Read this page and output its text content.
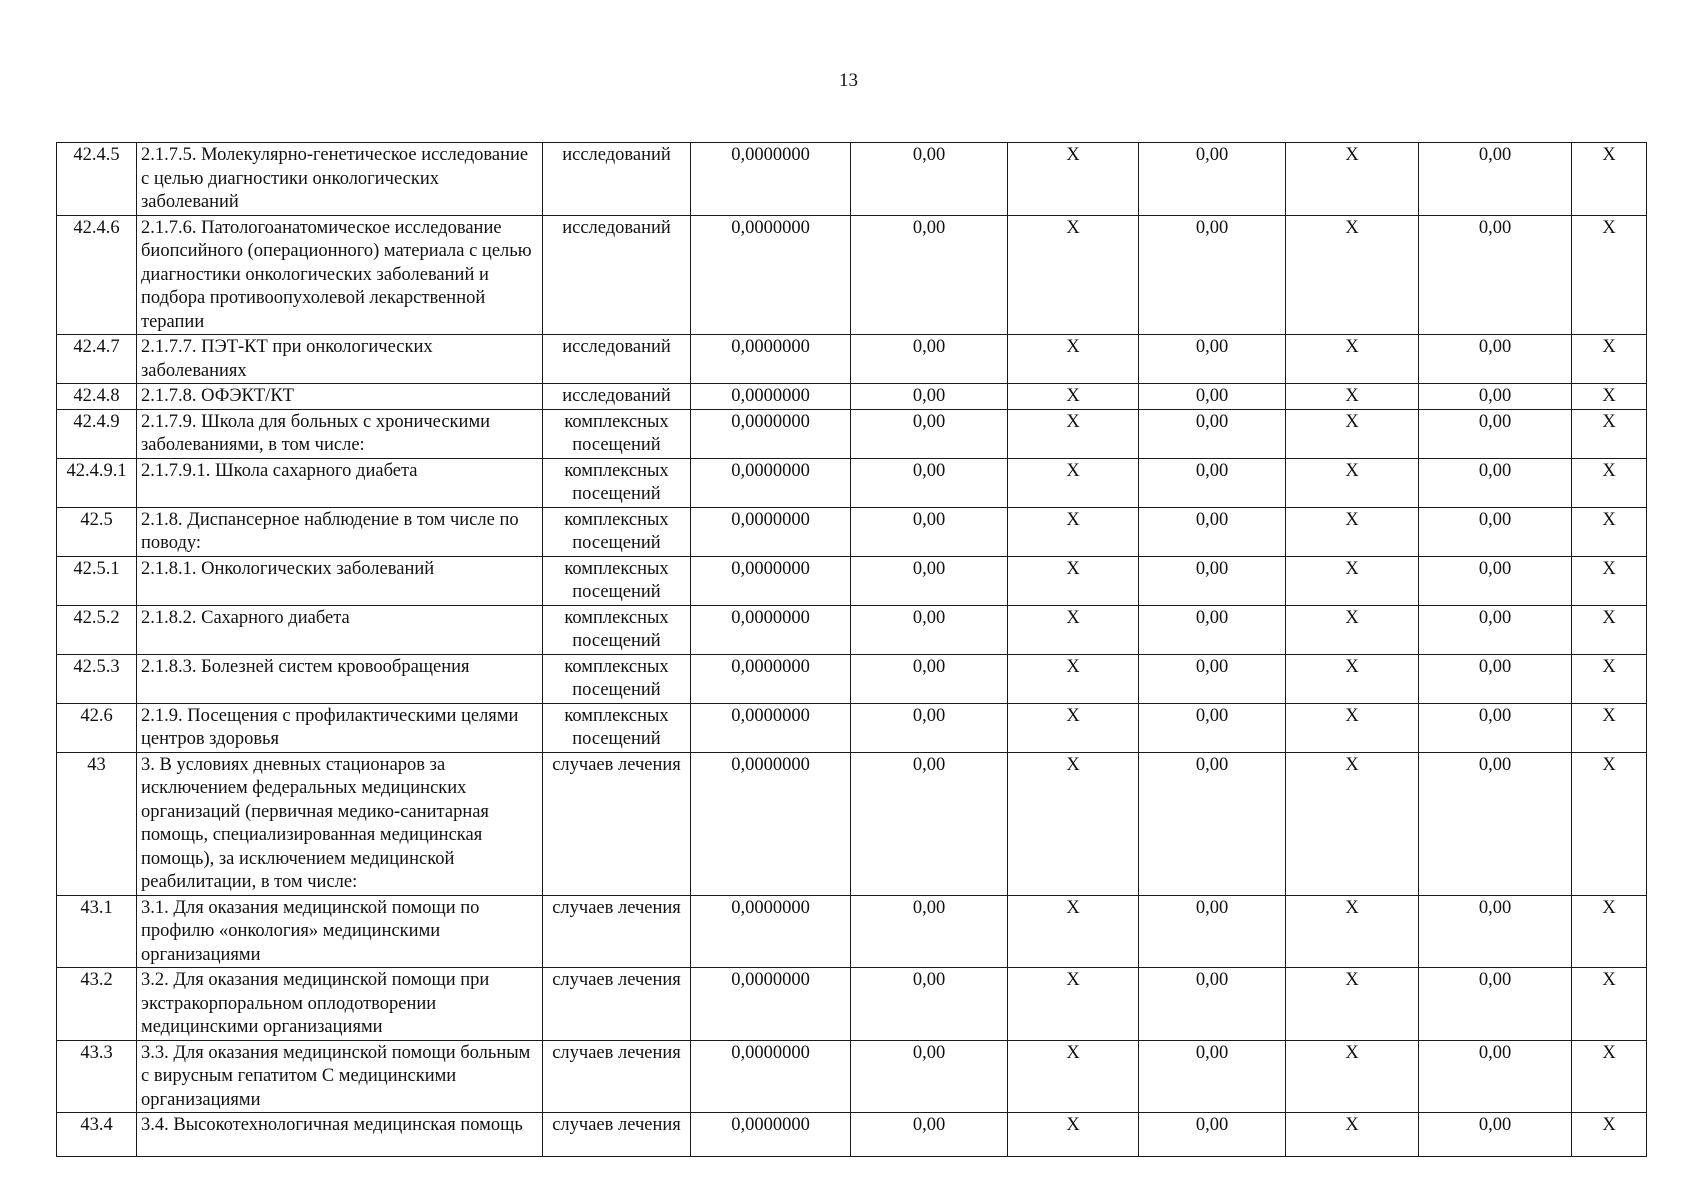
13
42.4.5	2.1.7.5. Молекулярно-генетическое исследование с целью диагностики онкологических заболеваний	исследований	0,0000000	0,00	X	0,00	X	0,00	X
42.4.6	2.1.7.6. Патологоанатомическое исследование биопсийного (операционного) материала с целью диагностики онкологических заболеваний и подбора противоопухолевой лекарственной терапии	исследований	0,0000000	0,00	X	0,00	X	0,00	X
42.4.7	2.1.7.7. ПЭТ-КТ при онкологических заболеваниях	исследований	0,0000000	0,00	X	0,00	X	0,00	X
42.4.8	2.1.7.8. ОФЭКТ/КТ	исследований	0,0000000	0,00	X	0,00	X	0,00	X
42.4.9	2.1.7.9. Школа для больных с хроническими заболеваниями, в том числе:	комплексных посещений	0,0000000	0,00	X	0,00	X	0,00	X
42.4.9.1	2.1.7.9.1. Школа сахарного диабета	комплексных посещений	0,0000000	0,00	X	0,00	X	0,00	X
42.5	2.1.8. Диспансерное наблюдение в том числе по поводу:	комплексных посещений	0,0000000	0,00	X	0,00	X	0,00	X
42.5.1	2.1.8.1. Онкологических заболеваний	комплексных посещений	0,0000000	0,00	X	0,00	X	0,00	X
42.5.2	2.1.8.2. Сахарного диабета	комплексных посещений	0,0000000	0,00	X	0,00	X	0,00	X
42.5.3	2.1.8.3. Болезней систем кровообращения	комплексных посещений	0,0000000	0,00	X	0,00	X	0,00	X
42.6	2.1.9. Посещения с профилактическими целями центров здоровья	комплексных посещений	0,0000000	0,00	X	0,00	X	0,00	X
43	3. В условиях дневных стационаров за исключением федеральных медицинских организаций (первичная медико-санитарная помощь, специализированная медицинская помощь), за исключением медицинской реабилитации, в том числе:	случаев лечения	0,0000000	0,00	X	0,00	X	0,00	X
43.1	3.1. Для оказания медицинской помощи по профилю «онкология» медицинскими организациями	случаев лечения	0,0000000	0,00	X	0,00	X	0,00	X
43.2	3.2. Для оказания медицинской помощи при экстракорпоральном оплодотворении медицинскими организациями	случаев лечения	0,0000000	0,00	X	0,00	X	0,00	X
43.3	3.3. Для оказания медицинской помощи больным с вирусным гепатитом С медицинскими организациями	случаев лечения	0,0000000	0,00	X	0,00	X	0,00	X
43.4	3.4. Высокотехнологичная медицинская помощь	случаев лечения	0,0000000	0,00	X	0,00	X	0,00	X
